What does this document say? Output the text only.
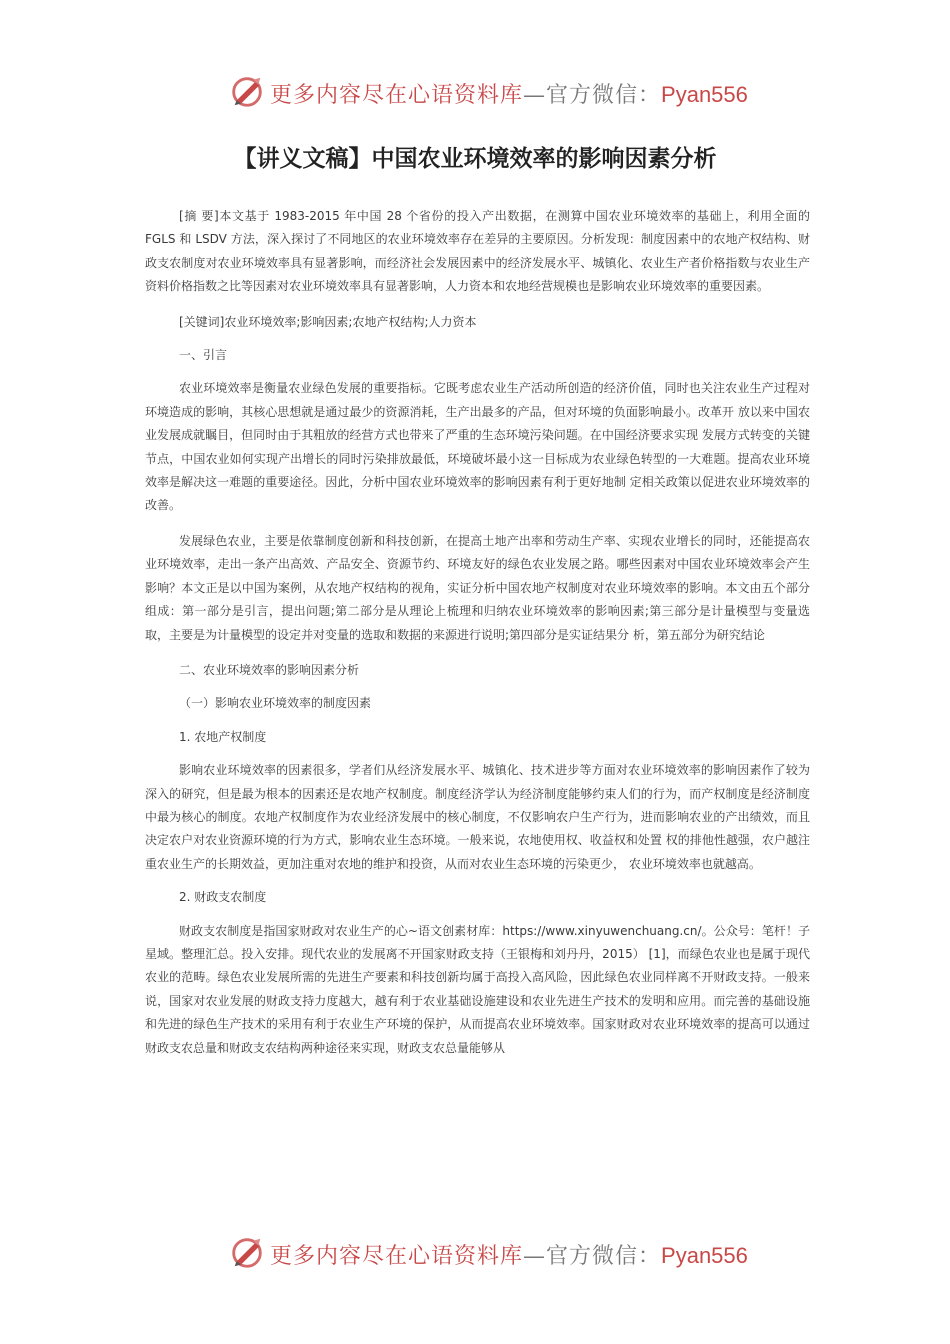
更多内容尽在心语资料库—官方微信：Pyan556
【讲义文稿】中国农业环境效率的影响因素分析

[摘 要]本文基于 1983-2015 年中国 28 个省份的投入产出数据，在测算中国农业环境效率的基础上，利用全面的 FGLS 和 LSDV 方法，深入探讨了不同地区的农业环境效率存在差异的主要原因。分析发现：制度因素中的农地产权结构、财政支农制度对农业环境效率具有显著影响，而经济社会发展因素中的经济发展水平、城镇化、农业生产者价格指数与农业生产资料价格指数之比等因素对农业环境效率具有显著影响，人力资本和农地经营规模也是影响农业环境效率的重要因素。

[关键词]农业环境效率;影响因素;农地产权结构;人力资本

一、引言

农业环境效率是衡量农业绿色发展的重要指标。它既考虑农业生产活动所创造的经济价值，同时也关注农业生产过程对环境造成的影响，其核心思想就是通过最少的资源消耗，生产出最多的产品，但对环境的负面影响最小。改革开 放以来中国农业发展成就瞩目，但同时由于其粗放的经营方式也带来了严重的生态环境污染问题。在中国经济要求实现 发展方式转变的关键节点，中国农业如何实现产出增长的同时污染排放最低，环境破坏最小这一目标成为农业绿色转型的一大难题。提高农业环境效率是解决这一难题的重要途径。因此，分析中国农业环境效率的影响因素有利于更好地制 定相关政策以促进农业环境效率的改善。

发展绿色农业，主要是依靠制度创新和科技创新，在提高土地产出率和劳动生产率、实现农业增长的同时，还能提高农业环境效率，走出一条产出高效、产品安全、资源节约、环境友好的绿色农业发展之路。哪些因素对中国农业环境效率会产生影响？本文正是以中国为案例，从农地产权结构的视角，实证分析中国农地产权制度对农业环境效率的影响。本文由五个部分组成：第一部分是引言，提出问题;第二部分是从理论上梳理和归纳农业环境效率的影响因素;第三部分是计量模型与变量选取，主要是为计量模型的设定并对变量的选取和数据的来源进行说明;第四部分是实证结果分 析，第五部分为研究结论

二、农业环境效率的影响因素分析

（一）影响农业环境效率的制度因素

1. 农地产权制度

影响农业环境效率的因素很多，学者们从经济发展水平、城镇化、技术进步等方面对农业环境效率的影响因素作了较为深入的研究，但是最为根本的因素还是农地产权制度。制度经济学认为经济制度能够约束人们的行为，而产权制度是经济制度中最为核心的制度。农地产权制度作为农业经济发展中的核心制度，不仅影响农户生产行为，进而影响农业的产出绩效，而且决定农户对农业资源环境的行为方式，影响农业生态环境。一般来说，农地使用权、收益权和处置 权的排他性越强，农户越注重农业生产的长期效益，更加注重对农地的维护和投资，从而对农业生态环境的污染更少， 农业环境效率也就越高。

2. 财政支农制度

财政支农制度是指国家财政对农业生产的心~语文创素材库：https://www.xinyuwenchuang.cn/。公众号：笔杆！子星域。整理汇总。投入安排。现代农业的发展离不开国家财政支持（王银梅和刘丹丹，2015） [1]，而绿色农业也是属于现代农业的范畴。绿色农业发展所需的先进生产要素和科技创新均属于高投入高风险，因此绿色农业同样离不开财政支持。一般来说，国家对农业发展的财政支持力度越大，越有利于农业基础设施建设和农业先进生产技术的发明和应用。而完善的基础设施和先进的绿色生产技术的采用有利于农业生产环境的保护，从而提高农业环境效率。国家财政对农业环境效率的提高可以通过财政支农总量和财政支农结构两种途径来实现，财政支农总量能够从

更多内容尽在心语资料库—官方微信：Pyan556
